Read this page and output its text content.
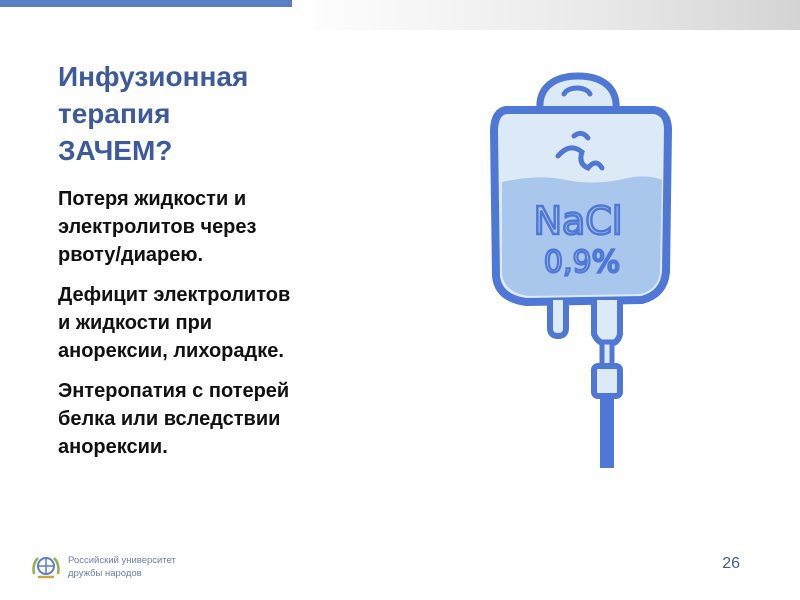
Инфузионная
терапия
ЗАЧЕМ?

Потеря жидкости и
электролитов через
рвоту/диарею.

Дефицит электролитов
и жидкости при
анорексии, лихорадке.

Энтеропатия с потерей
белка или вследствии
анорексии.

NaCl
0,9%
Российский университет
дружбы народов
26
